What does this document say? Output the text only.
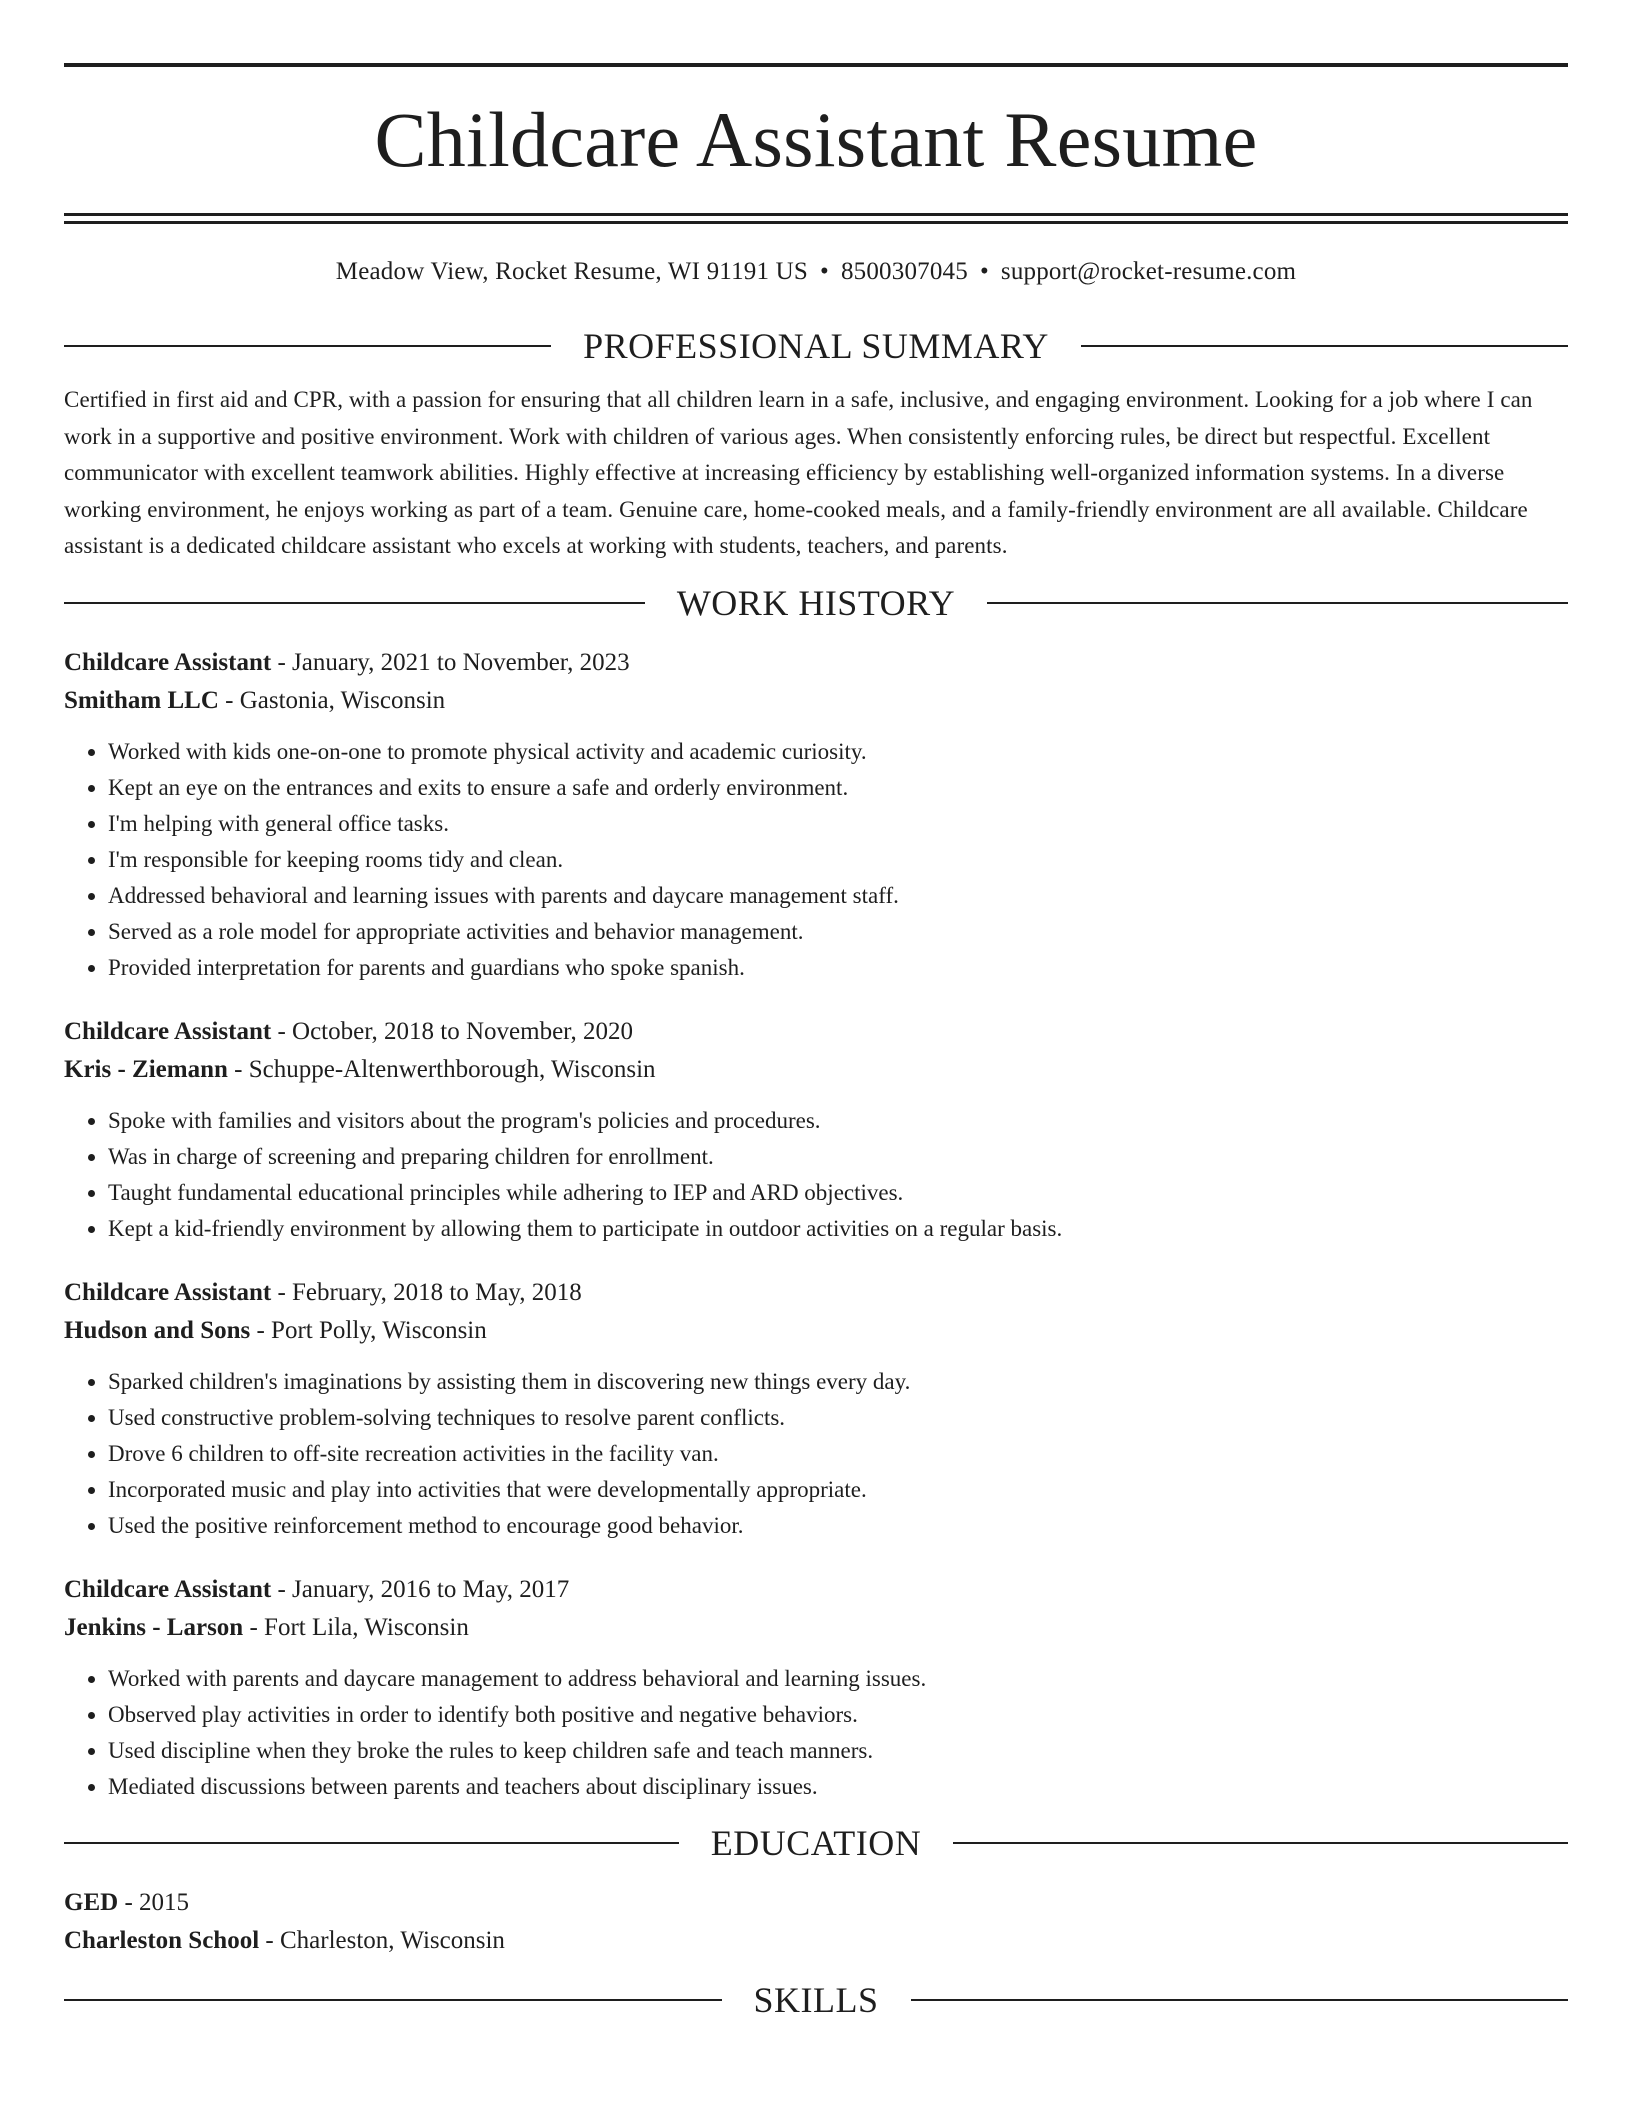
Childcare Assistant Resume
Meadow View, Rocket Resume, WI 91191 US • 8500307045 • support@rocket-resume.com
PROFESSIONAL SUMMARY

Certified in first aid and CPR, with a passion for ensuring that all children learn in a safe, inclusive, and engaging environment. Looking for a job where I can work in a supportive and positive environment. Work with children of various ages. When consistently enforcing rules, be direct but respectful. Excellent communicator with excellent teamwork abilities. Highly effective at increasing efficiency by establishing well-organized information systems. In a diverse working environment, he enjoys working as part of a team. Genuine care, home-cooked meals, and a family-friendly environment are all available. Childcare assistant is a dedicated childcare assistant who excels at working with students, teachers, and parents.

WORK HISTORY
Childcare Assistant - January, 2021 to November, 2023
Smitham LLC - Gastonia, Wisconsin
• Worked with kids one-on-one to promote physical activity and academic curiosity.
• Kept an eye on the entrances and exits to ensure a safe and orderly environment.
• I'm helping with general office tasks.
• I'm responsible for keeping rooms tidy and clean.
• Addressed behavioral and learning issues with parents and daycare management staff.
• Served as a role model for appropriate activities and behavior management.
• Provided interpretation for parents and guardians who spoke spanish.
Childcare Assistant - October, 2018 to November, 2020
Kris - Ziemann - Schuppe-Altenwerthborough, Wisconsin
• Spoke with families and visitors about the program's policies and procedures.
• Was in charge of screening and preparing children for enrollment.
• Taught fundamental educational principles while adhering to IEP and ARD objectives.
• Kept a kid-friendly environment by allowing them to participate in outdoor activities on a regular basis.
Childcare Assistant - February, 2018 to May, 2018
Hudson and Sons - Port Polly, Wisconsin
• Sparked children's imaginations by assisting them in discovering new things every day.
• Used constructive problem-solving techniques to resolve parent conflicts.
• Drove 6 children to off-site recreation activities in the facility van.
• Incorporated music and play into activities that were developmentally appropriate.
• Used the positive reinforcement method to encourage good behavior.
Childcare Assistant - January, 2016 to May, 2017
Jenkins - Larson - Fort Lila, Wisconsin
• Worked with parents and daycare management to address behavioral and learning issues.
• Observed play activities in order to identify both positive and negative behaviors.
• Used discipline when they broke the rules to keep children safe and teach manners.
• Mediated discussions between parents and teachers about disciplinary issues.
EDUCATION
GED - 2015
Charleston School - Charleston, Wisconsin
SKILLS
